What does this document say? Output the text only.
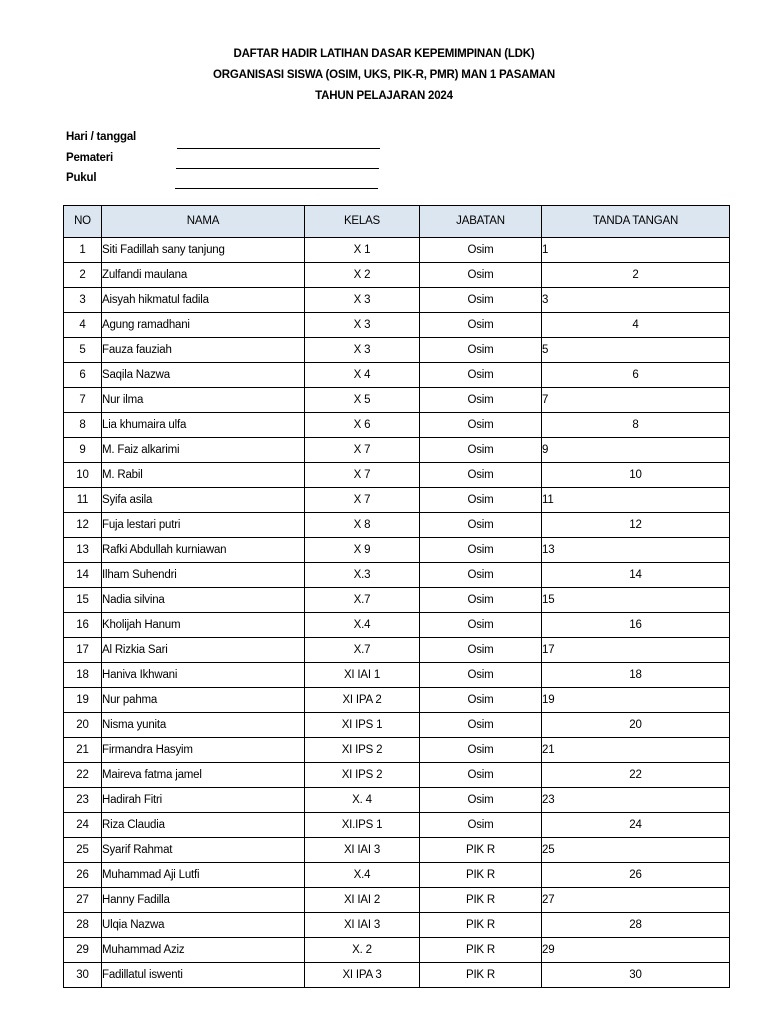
DAFTAR HADIR LATIHAN DASAR KEPEMIMPINAN (LDK)
ORGANISASI SISWA (OSIM, UKS, PIK-R, PMR) MAN 1 PASAMAN
TAHUN PELAJARAN 2024
Hari / tanggal
Pemateri
Pukul
NO	NAMA	KELAS	JABATAN	TANDA TANGAN
1	Siti Fadillah sany tanjung	X 1	Osim	1
2	Zulfandi maulana	X 2	Osim	2
3	Aisyah hikmatul fadila	X 3	Osim	3
4	Agung ramadhani	X 3	Osim	4
5	Fauza fauziah	X 3	Osim	5
6	Saqila Nazwa	X 4	Osim	6
7	Nur ilma	X 5	Osim	7
8	Lia khumaira ulfa	X 6	Osim	8
9	M. Faiz alkarimi	X 7	Osim	9
10	M. Rabil	X 7	Osim	10
11	Syifa asila	X 7	Osim	11
12	Fuja lestari putri	X 8	Osim	12
13	Rafki Abdullah kurniawan	X 9	Osim	13
14	Ilham Suhendri	X.3	Osim	14
15	Nadia silvina	X.7	Osim	15
16	Kholijah Hanum	X.4	Osim	16
17	Al Rizkia Sari	X.7	Osim	17
18	Haniva Ikhwani	XI IAI 1	Osim	18
19	Nur pahma	XI IPA 2	Osim	19
20	Nisma yunita	XI IPS 1	Osim	20
21	Firmandra Hasyim	XI IPS 2	Osim	21
22	Maireva fatma jamel	XI IPS 2	Osim	22
23	Hadirah Fitri	X. 4	Osim	23
24	Riza Claudia	XI.IPS 1	Osim	24
25	Syarif Rahmat	XI IAI 3	PIK R	25
26	Muhammad Aji Lutfi	X.4	PIK R	26
27	Hanny Fadilla	XI IAI 2	PIK R	27
28	Ulqia Nazwa	XI IAI 3	PIK R	28
29	Muhammad Aziz	X. 2	PIK R	29
30	Fadillatul iswenti	XI IPA 3	PIK R	30
